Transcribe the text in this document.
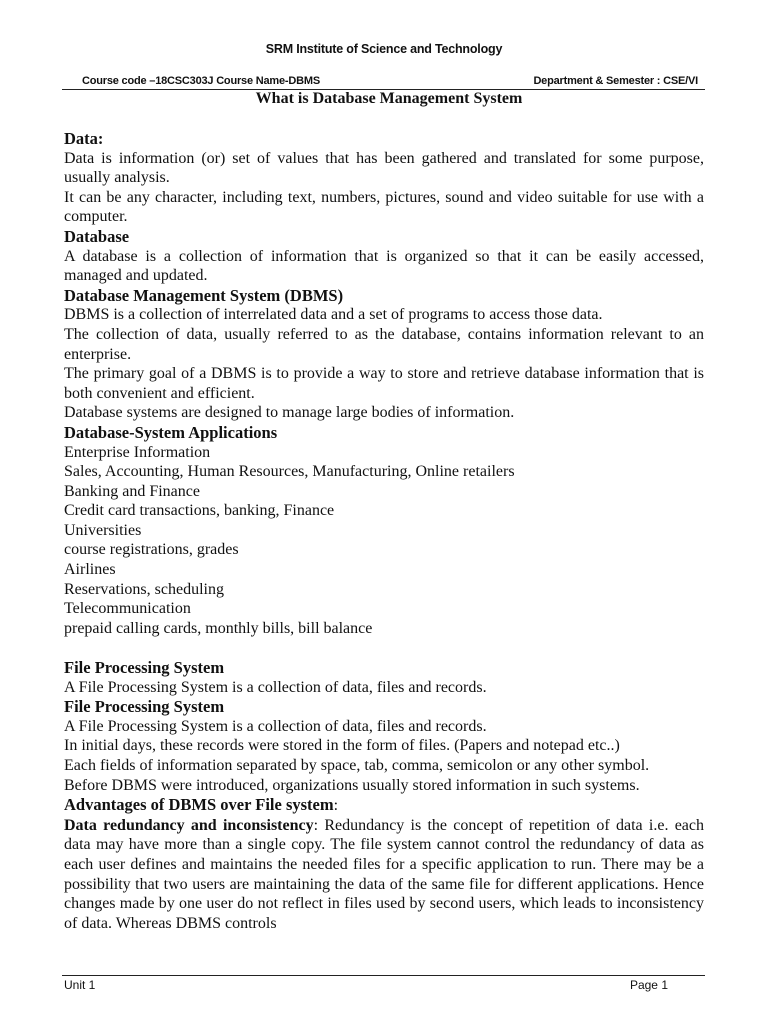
SRM Institute of Science and Technology
Course code –18CSC303J Course Name-DBMS	Department & Semester : CSE/VI
What is Database Management System

Data:

Data is information (or) set of values that has been gathered and translated for some purpose, usually analysis.

It can be any character, including text, numbers, pictures, sound and video suitable for use with a computer.

Database

A database is a collection of information that is organized so that it can be easily accessed, managed and updated.

Database Management System (DBMS)

DBMS is a collection of interrelated data and a set of programs to access those data.

The collection of data, usually referred to as the database, contains information relevant to an enterprise.

The primary goal of a DBMS is to provide a way to store and retrieve database information that is both convenient and efficient.

Database systems are designed to manage large bodies of information.

Database-System Applications

Enterprise Information

Sales, Accounting, Human Resources, Manufacturing, Online retailers

Banking and Finance

Credit card transactions, banking, Finance

Universities

course registrations, grades

Airlines

Reservations, scheduling

Telecommunication

prepaid calling cards, monthly bills, bill balance

File Processing System

A File Processing System is a collection of data, files and records.

File Processing System

A File Processing System is a collection of data, files and records.

In initial days, these records were stored in the form of files. (Papers and notepad etc..)

Each fields of information separated by space, tab, comma, semicolon or any other symbol.

Before DBMS were introduced, organizations usually stored information in such systems.

Advantages of DBMS over File system:

Data redundancy and inconsistency: Redundancy is the concept of repetition of data i.e. each data may have more than a single copy. The file system cannot control the redundancy of data as each user defines and maintains the needed files for a specific application to run. There may be a possibility that two users are maintaining the data of the same file for different applications. Hence changes made by one user do not reflect in files used by second users, which leads to inconsistency of data. Whereas DBMS controls

Unit 1	Page 1
